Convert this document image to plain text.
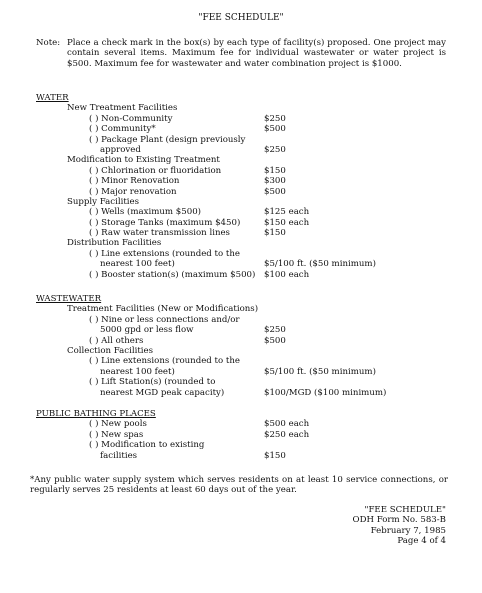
"FEE SCHEDULE"
Note: Place a check mark in the box(s) by each type of facility(s) proposed. One project may contain several items. Maximum fee for individual wastewater or water project is $500. Maximum fee for wastewater and water combination project is $1000.
WATER
New Treatment Facilities
( ) Non-Community	$250
( ) Community*	$500
( ) Package Plant (design previously
approved	$250
Modification to Existing Treatment
( ) Chlorination or fluoridation	$150
( ) Minor Renovation	$300
( ) Major renovation	$500
Supply Facilities
( ) Wells (maximum $500)	$125 each
( ) Storage Tanks (maximum $450)	$150 each
( ) Raw water transmission lines	$150
Distribution Facilities
( ) Line extensions (rounded to the
nearest 100 feet)	$5/100 ft. ($50 minimum)
( ) Booster station(s) (maximum $500) $100 each
WASTEWATER
Treatment Facilities (New or Modifications)
( ) Nine or less connections and/or
5000 gpd or less flow	$250
( ) All others	$500
Collection Facilities
( ) Line extensions (rounded to the
nearest 100 feet)	$5/100 ft. ($50 minimum)
( ) Lift Station(s) (rounded to
nearest MGD peak capacity)	$100/MGD ($100 minimum)
PUBLIC BATHING PLACES
( ) New pools	$500 each
( ) New spas	$250 each
( ) Modification to existing
facilities	$150
*Any public water supply system which serves residents on at least 10 service connections, or regularly serves 25 residents at least 60 days out of the year.
"FEE SCHEDULE"
ODH Form No. 583-B
February 7, 1985
Page 4 of 4
